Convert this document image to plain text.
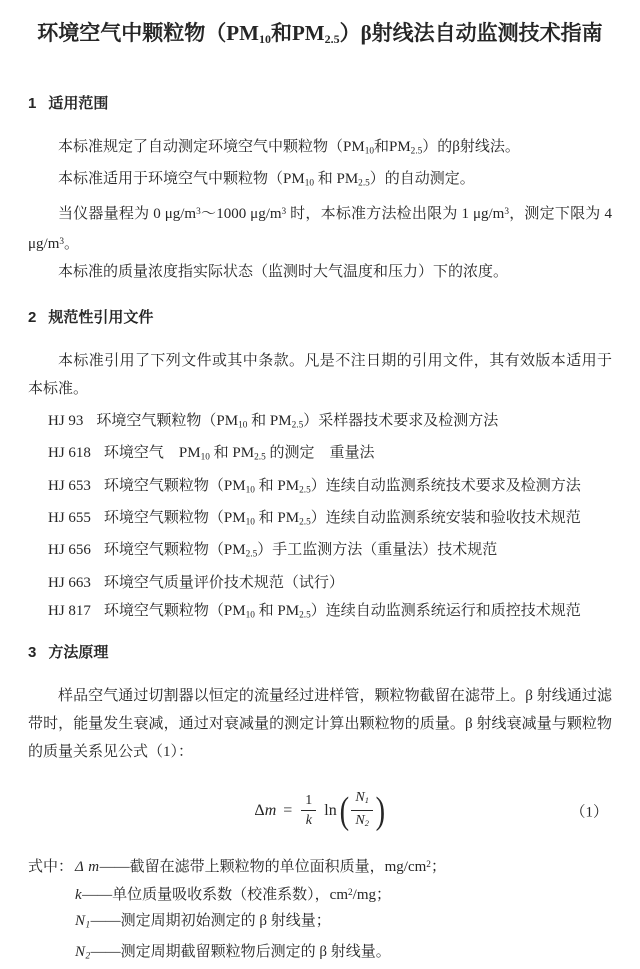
环境空气中颗粒物（$PM_{10}$和$PM_{2.5})\beta$射线法自动监测技术指南
1 适用范围

本标准规定了自动测定环境空气中颗粒物（$PM_{10}$和$PM_{2.5}$）的β射线法。

本标准适用于环境空气中颗粒物（$PM_{10}$ 和 $PM_{2.5}$）的自动测定。

当仪器量程为 0 $\mu g/m^3\sim 1000$ $\mu g/m^3$ 时，本标准方法检出限为 1 $\mu g/m^3$，测定下限为 4 $\mu g/m^3$。

本标准的质量浓度指实际状态（监测时大气温度和压力）下的浓度。

2 规范性引用文件

本标准引用了下列文件或其中条款。凡是不注日期的引用文件，其有效版本适用于本标准。

HJ 93 环境空气颗粒物（$PM_{10}$ 和 $PM_{2.5}$）采样器技术要求及检测方法
HJ 618 环境空气　$PM_{10}$ 和 $PM_{2.5}$ 的测定　重量法
HJ 653 环境空气颗粒物（$PM_{10}$ 和 $PM_{2.5}$）连续自动监测系统技术要求及检测方法
HJ 655 环境空气颗粒物（$PM_{10}$ 和 $PM_{2.5}$）连续自动监测系统安装和验收技术规范
HJ 656 环境空气颗粒物$(PM_{2.5})$手工监测方法（重量法）技术规范
HJ 663 环境空气质量评价技术规范（试行）
HJ 817 环境空气颗粒物（$PM_{10}$ 和 $PM_{2.5}$）连续自动监测系统运行和质控技术规范
3 方法原理

样品空气通过切割器以恒定的流量经过进样管，颗粒物截留在滤带上。β 射线通过滤带时，能量发生衰减，通过对衰减量的测定计算出颗粒物的质量。β 射线衰减量与颗粒物的质量关系见公式（1）：

Δ $m = \frac{1}{k}$ ln ( $\frac{N_1}{N_2}$ )	（1）
式中： Δ m——截留在滤带上颗粒物的单位面积质量，$mg/cm^2$；
k——单位质量吸收系数（校准系数），$cm^2/mg$；
$N_1——$测定周期初始测定的 β 射线量；
$N_2——$测定周期截留颗粒物后测定的 β 射线量。
